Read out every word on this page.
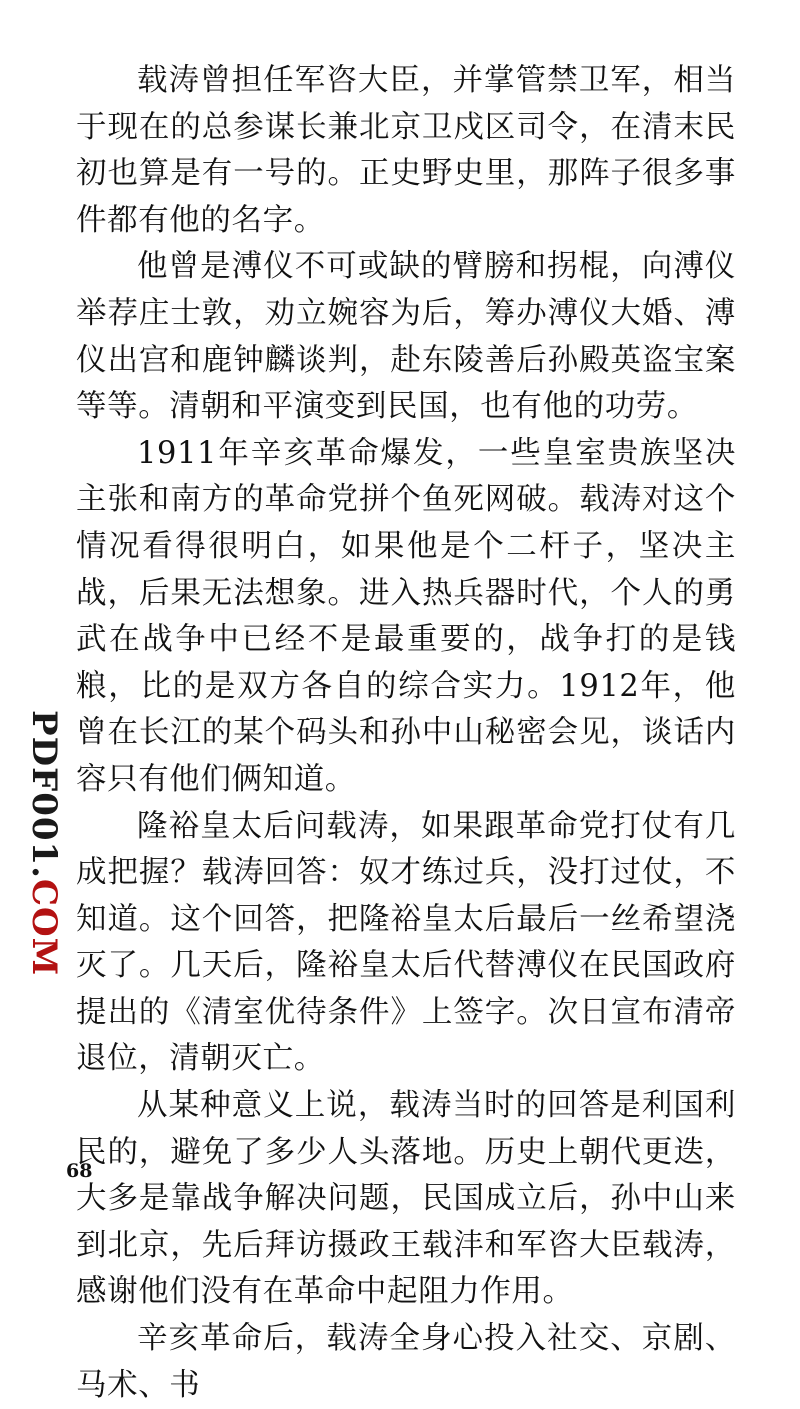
载涛曾担任军咨大臣，并掌管禁卫军，相当于现在的总参谋长兼北京卫戍区司令，在清末民初也算是有一号的。正史野史里，那阵子很多事件都有他的名字。

他曾是溥仪不可或缺的臂膀和拐棍，向溥仪举荐庄士敦，劝立婉容为后，筹办溥仪大婚、溥仪出宫和鹿钟麟谈判，赴东陵善后孙殿英盗宝案等等。清朝和平演变到民国，也有他的功劳。

1911年辛亥革命爆发，一些皇室贵族坚决主张和南方的革命党拼个鱼死网破。载涛对这个情况看得很明白，如果他是个二杆子，坚决主战，后果无法想象。进入热兵器时代，个人的勇武在战争中已经不是最重要的，战争打的是钱粮，比的是双方各自的综合实力。1912年，他曾在长江的某个码头和孙中山秘密会见，谈话内容只有他们俩知道。

隆裕皇太后问载涛，如果跟革命党打仗有几成把握？载涛回答：奴才练过兵，没打过仗，不知道。这个回答，把隆裕皇太后最后一丝希望浇灭了。几天后，隆裕皇太后代替溥仪在民国政府提出的《清室优待条件》上签字。次日宣布清帝退位，清朝灭亡。

从某种意义上说，载涛当时的回答是利国利民的，避免了多少人头落地。历史上朝代更迭，大多是靠战争解决问题，民国成立后，孙中山来到北京，先后拜访摄政王载沣和军咨大臣载涛，感谢他们没有在革命中起阻力作用。

辛亥革命后，载涛全身心投入社交、京剧、马术、书

PDF001.COM
68
